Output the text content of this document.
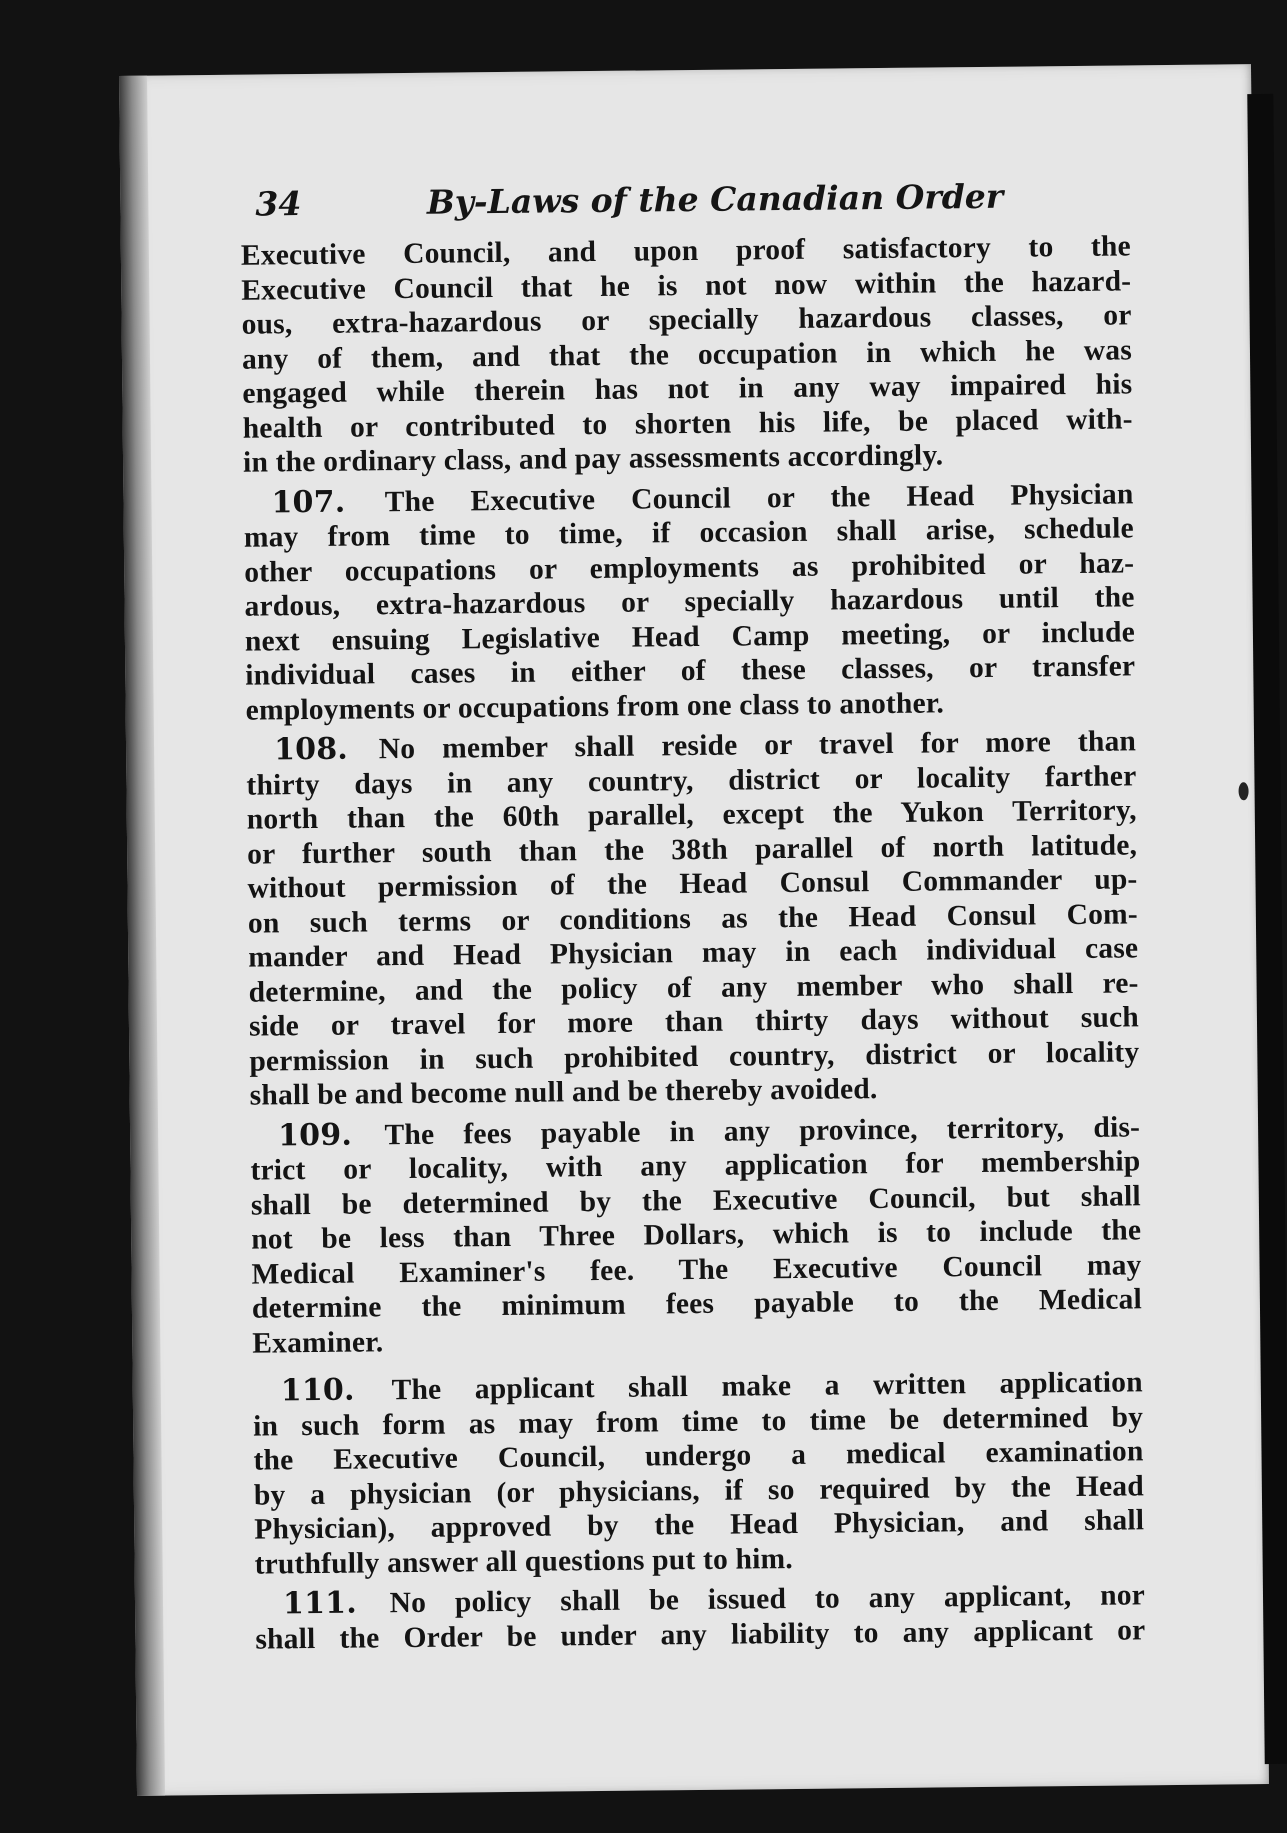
34	By-Laws of the Canadian Order
Executive Council, and upon proof satisfactory to the
Executive Council that he is not now within the hazard-
ous, extra-hazardous or specially hazardous classes, or
any of them, and that the occupation in which he was
engaged while therein has not in any way impaired his
health or contributed to shorten his life, be placed with-
in the ordinary class, and pay assessments accordingly.
107. The Executive Council or the Head Physician
may from time to time, if occasion shall arise, schedule
other occupations or employments as prohibited or haz-
ardous, extra-hazardous or specially hazardous until the
next ensuing Legislative Head Camp meeting, or include
individual cases in either of these classes, or transfer
employments or occupations from one class to another.
108. No member shall reside or travel for more than
thirty days in any country, district or locality farther
north than the 60th parallel, except the Yukon Territory,
or further south than the 38th parallel of north latitude,
without permission of the Head Consul Commander up-
on such terms or conditions as the Head Consul Com-
mander and Head Physician may in each individual case
determine, and the policy of any member who shall re-
side or travel for more than thirty days without such
permission in such prohibited country, district or locality
shall be and become null and be thereby avoided.
109. The fees payable in any province, territory, dis-
trict or locality, with any application for membership
shall be determined by the Executive Council, but shall
not be less than Three Dollars, which is to include the
Medical Examiner's fee. The Executive Council may
determine the minimum fees payable to the Medical
Examiner.
110. The applicant shall make a written application
in such form as may from time to time be determined by
the Executive Council, undergo a medical examination
by a physician (or physicians, if so required by the Head
Physician), approved by the Head Physician, and shall
truthfully answer all questions put to him.
111. No policy shall be issued to any applicant, nor
shall the Order be under any liability to any applicant or
